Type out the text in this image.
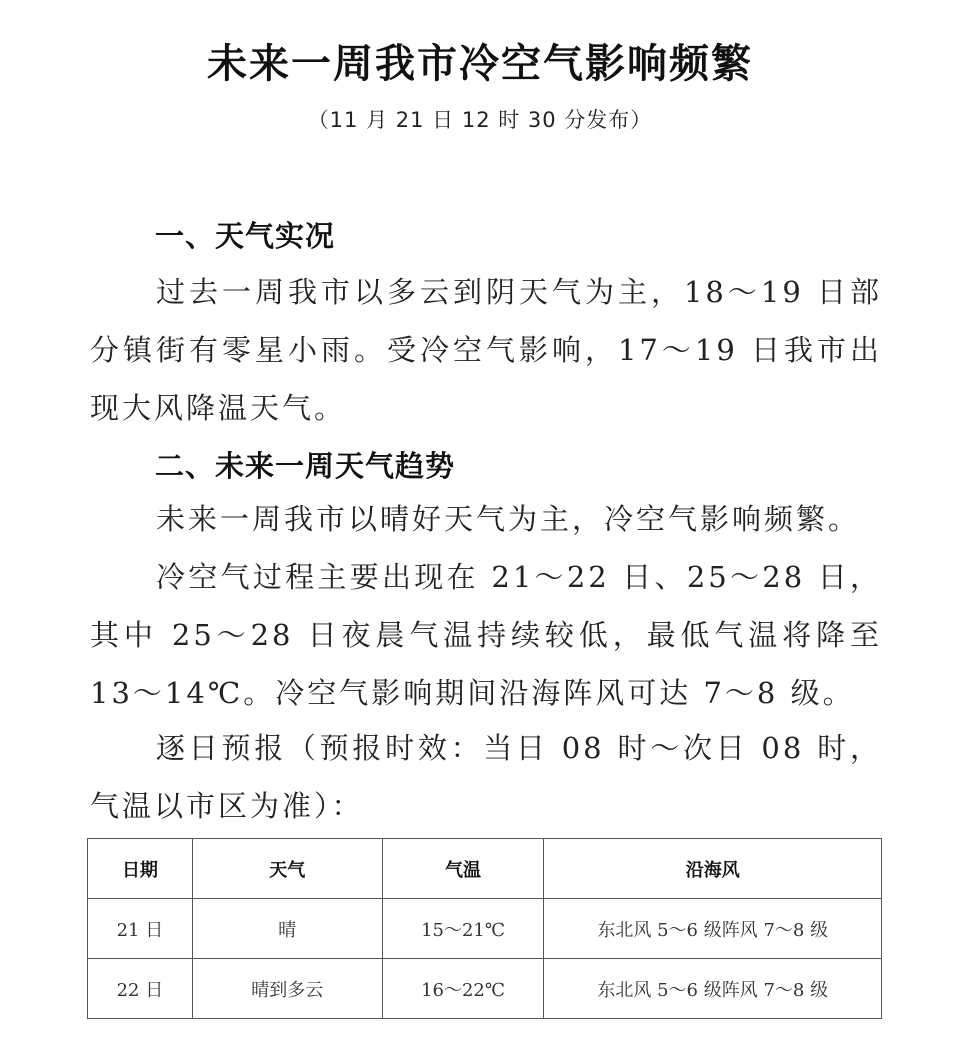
未来一周我市冷空气影响频繁
（11 月 21 日 12 时 30 分发布）
一、天气实况
过去一周我市以多云到阴天气为主，18～19 日部分镇街有零星小雨。受冷空气影响，17～19 日我市出现大风降温天气。
二、未来一周天气趋势
未来一周我市以晴好天气为主，冷空气影响频繁。
冷空气过程主要出现在 21～22 日、25～28 日，其中 25～28 日夜晨气温持续较低，最低气温将降至 13～14℃。冷空气影响期间沿海阵风可达 7～8 级。
逐日预报（预报时效：当日 08 时～次日 08 时，气温以市区为准）：
日期	天气	气温	沿海风
21 日	晴	15～21℃	东北风 5～6 级阵风 7～8 级
22 日	晴到多云	16～22℃	东北风 5～6 级阵风 7～8 级
